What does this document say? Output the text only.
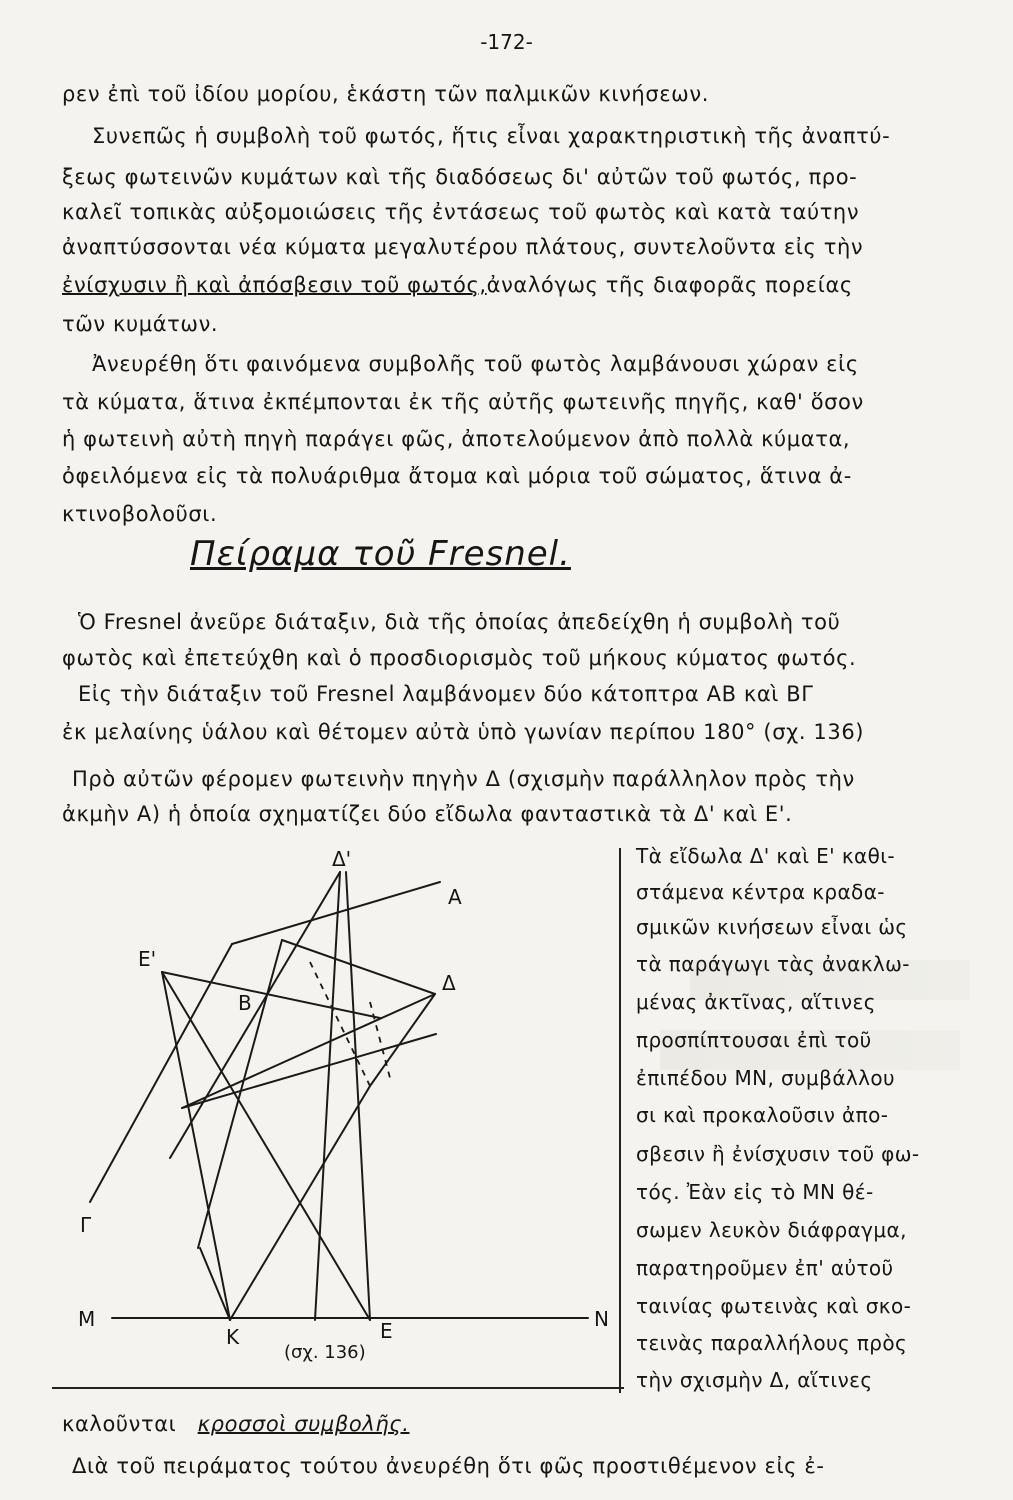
-172-
ρεν ἐπὶ τοῦ ἰδίου μορίου, ἑκάστη τῶν παλμικῶν κινήσεων.
Συνεπῶς ἡ συμβολὴ τοῦ φωτός, ἥτις εἶναι χαρακτηριστικὴ τῆς ἀναπτύ-
ξεως φωτεινῶν κυμάτων καὶ τῆς διαδόσεως δι' αὐτῶν τοῦ φωτός, προ-
καλεῖ τοπικὰς αὐξομοιώσεις τῆς ἐντάσεως τοῦ φωτὸς καὶ κατὰ ταύτην
ἀναπτύσσονται νέα κύματα μεγαλυτέρου πλάτους, συντελοῦντα εἰς τὴν
ἐνίσχυσιν ἢ καὶ ἀπόσβεσιν τοῦ φωτός,ἀναλόγως τῆς διαφορᾶς πορείας
τῶν κυμάτων.
Ἀνευρέθη ὅτι φαινόμενα συμβολῆς τοῦ φωτὸς λαμβάνουσι χώραν εἰς
τὰ κύματα, ἅτινα ἐκπέμπονται ἐκ τῆς αὐτῆς φωτεινῆς πηγῆς, καθ' ὅσον
ἡ φωτεινὴ αὐτὴ πηγὴ παράγει φῶς, ἀποτελούμενον ἀπὸ πολλὰ κύματα,
ὀφειλόμενα εἰς τὰ πολυάριθμα ἄτομα καὶ μόρια τοῦ σώματος, ἅτινα ἀ-
κτινοβολοῦσι.
Πείραμα τοῦ Fresnel.
Ὁ Fresnel ἀνεῦρε διάταξιν, διὰ τῆς ὁποίας ἀπεδείχθη ἡ συμβολὴ τοῦ
φωτὸς καὶ ἐπετεύχθη καὶ ὁ προσδιορισμὸς τοῦ μήκους κύματος φωτός.
Εἰς τὴν διάταξιν τοῦ Fresnel λαμβάνομεν δύο κάτοπτρα ΑΒ καὶ ΒΓ
ἐκ μελαίνης ὑάλου καὶ θέτομεν αὐτὰ ὑπὸ γωνίαν περίπου 180° (σχ. 136)
Πρὸ αὐτῶν φέρομεν φωτεινὴν πηγὴν Δ (σχισμὴν παράλληλον πρὸς τὴν
ἀκμὴν Α) ἡ ὁποία σχηματίζει δύο εἴδωλα φανταστικὰ τὰ Δ' καὶ Ε'.
Δ'
Ε'
Α
Β
Δ
Γ
Μ
Κ	Ε	Ν
(σχ. 136)
Τὰ εἴδωλα Δ' καὶ Ε' καθι-
στάμενα κέντρα κραδα-
σμικῶν κινήσεων εἶναι ὡς
τὰ παράγωγι τὰς ἀνακλω-
μένας ἀκτῖνας, αἵτινες
προσπίπτουσαι ἐπὶ τοῦ
ἐπιπέδου ΜΝ, συμβάλλου
σι καὶ προκαλοῦσιν ἀπο-
σβεσιν ἢ ἐνίσχυσιν τοῦ φω-
τός. Ἐὰν εἰς τὸ ΜΝ θέ-
σωμεν λευκὸν διάφραγμα,
παρατηροῦμεν ἐπ' αὐτοῦ
ταινίας φωτεινὰς καὶ σκο-
τεινὰς παραλλήλους πρὸς
τὴν σχισμὴν Δ, αἵτινες
καλοῦνται κροσσοὶ συμβολῆς.
Διὰ τοῦ πειράματος τούτου ἀνευρέθη ὅτι φῶς προστιθέμενον εἰς ἐ-
